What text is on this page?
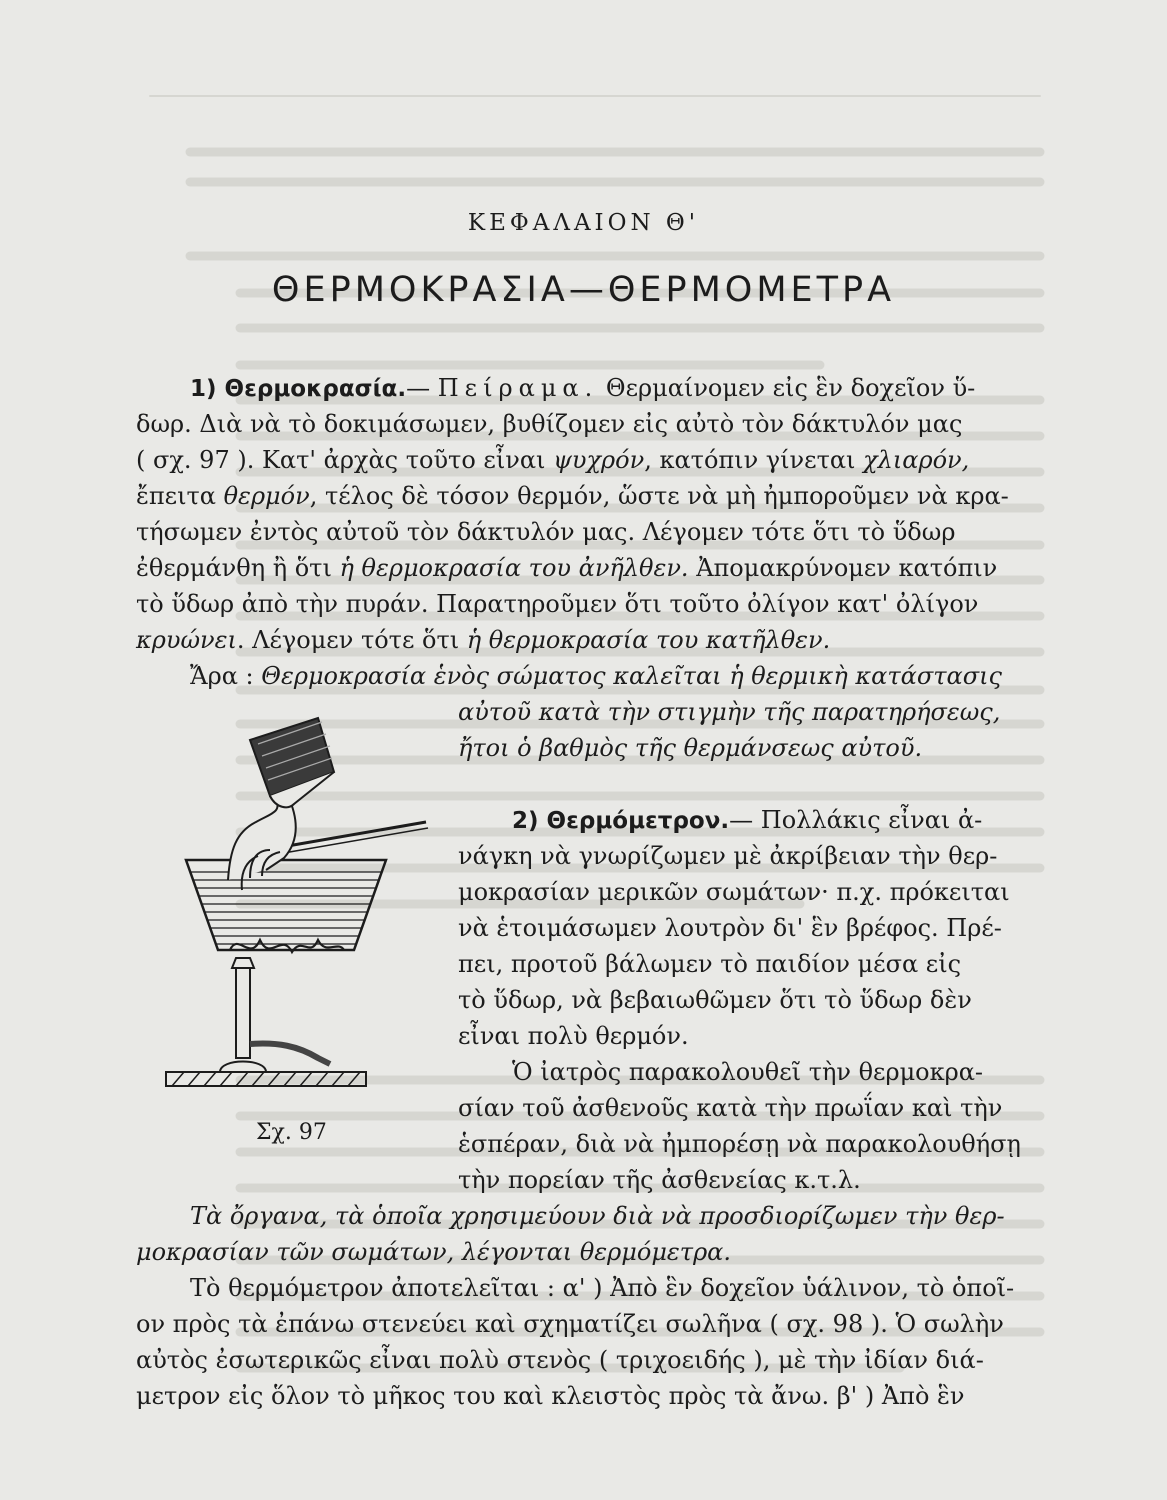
ΚΕΦΑΛΑΙΟΝ Θ'
ΘΕΡΜΟΚΡΑΣΙΑ—ΘΕΡΜΟΜΕΤΡΑ
1) Θερμοκρασία.— Πείραμα. Θερμαίνομεν εἰς ἓν δοχεῖον ὕ-
δωρ. Διὰ νὰ τὸ δοκιμάσωμεν, βυθίζομεν εἰς αὐτὸ τὸν δάκτυλόν μας
( σχ. 97 ). Κατ' ἀρχὰς τοῦτο εἶναι ψυχρόν, κατόπιν γίνεται χλιαρόν,
ἔπειτα θερμόν, τέλος δὲ τόσον θερμόν, ὥστε νὰ μὴ ἠμποροῦμεν νὰ κρα-
τήσωμεν ἐντὸς αὐτοῦ τὸν δάκτυλόν μας. Λέγομεν τότε ὅτι τὸ ὕδωρ
ἐθερμάνθη ἢ ὅτι ἡ θερμοκρασία του ἀνῆλθεν. Ἀπομακρύνομεν κατόπιν
τὸ ὕδωρ ἀπὸ τὴν πυράν. Παρατηροῦμεν ὅτι τοῦτο ὀλίγον κατ' ὀλίγον
κρυώνει. Λέγομεν τότε ὅτι ἡ θερμοκρασία του κατῆλθεν.
Ἄρα : Θερμοκρασία ἑνὸς σώματος καλεῖται ἡ θερμικὴ κατάστασις
αὐτοῦ κατὰ τὴν στιγμὴν τῆς παρατηρήσεως,
ἤτοι ὁ βαθμὸς τῆς θερμάνσεως αὐτοῦ.
Σχ. 97
2) Θερμόμετρον.— Πολλάκις εἶναι ἀ-
νάγκη νὰ γνωρίζωμεν μὲ ἀκρίβειαν τὴν θερ-
μοκρασίαν μερικῶν σωμάτων· π.χ. πρόκειται
νὰ ἑτοιμάσωμεν λουτρὸν δι' ἓν βρέφος. Πρέ-
πει, προτοῦ βάλωμεν τὸ παιδίον μέσα εἰς
τὸ ὕδωρ, νὰ βεβαιωθῶμεν ὅτι τὸ ὕδωρ δὲν
εἶναι πολὺ θερμόν.
Ὁ ἰατρὸς παρακολουθεῖ τὴν θερμοκρα-
σίαν τοῦ ἀσθενοῦς κατὰ τὴν πρωΐαν καὶ τὴν
ἑσπέραν, διὰ νὰ ἠμπορέσῃ νὰ παρακολουθήσῃ
τὴν πορείαν τῆς ἀσθενείας κ.τ.λ.
Τὰ ὄργανα, τὰ ὁποῖα χρησιμεύουν διὰ νὰ προσδιορίζωμεν τὴν θερ-
μοκρασίαν τῶν σωμάτων, λέγονται θερμόμετρα.
Τὸ θερμόμετρον ἀποτελεῖται : α' ) Ἀπὸ ἓν δοχεῖον ὑάλινον, τὸ ὁποῖ-
ον πρὸς τὰ ἐπάνω στενεύει καὶ σχηματίζει σωλῆνα ( σχ. 98 ). Ὁ σωλὴν
αὐτὸς ἐσωτερικῶς εἶναι πολὺ στενὸς ( τριχοειδής ), μὲ τὴν ἰδίαν διά-
μετρον εἰς ὅλον τὸ μῆκος του καὶ κλειστὸς πρὸς τὰ ἄνω. β' ) Ἀπὸ ἓν
